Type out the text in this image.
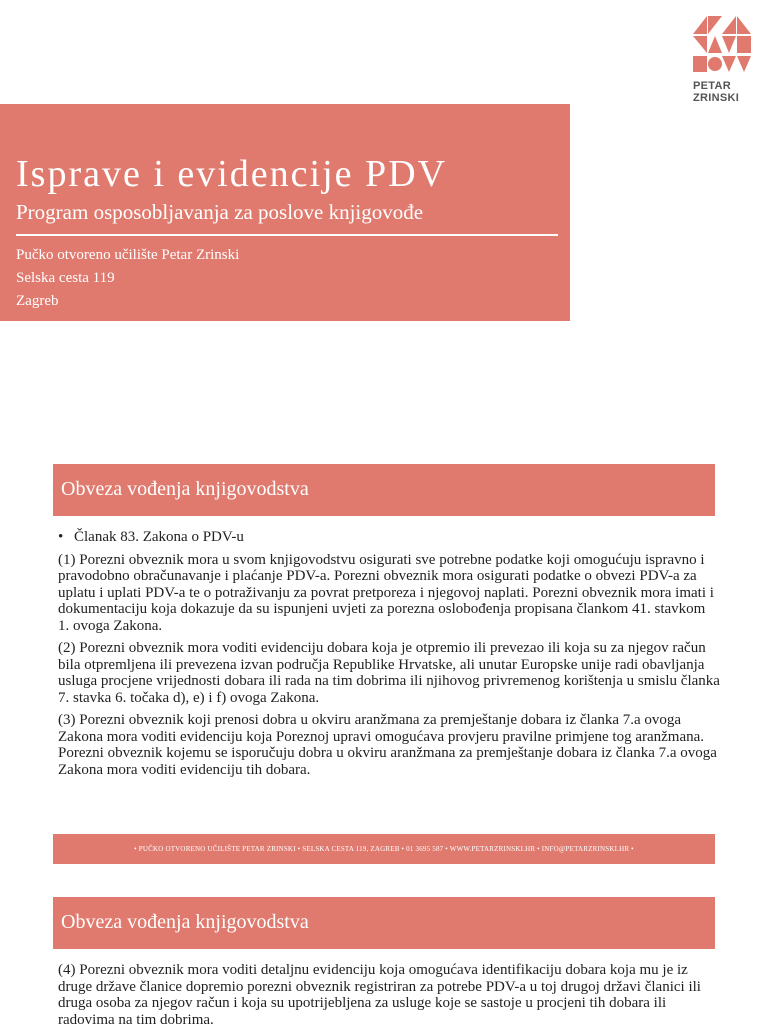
PETAR
ZRINSKI
Isprave i evidencije PDV
Program osposobljavanja za poslove knjigovođe
Pučko otvoreno učilište Petar Zrinski
Selska cesta 119
Zagreb
Obveza vođenja knjigovodstva
• Članak 83. Zakona o PDV-u

(1) Porezni obveznik mora u svom knjigovodstvu osigurati sve potrebne podatke koji omogućuju ispravno i pravodobno obračunavanje i plaćanje PDV-a. Porezni obveznik mora osigurati podatke o obvezi PDV-a za uplatu i uplati PDV-a te o potraživanju za povrat pretporeza i njegovoj naplati. Porezni obveznik mora imati i dokumentaciju koja dokazuje da su ispunjeni uvjeti za porezna oslobođenja propisana člankom 41. stavkom 1. ovoga Zakona.

(2) Porezni obveznik mora voditi evidenciju dobara koja je otpremio ili prevezao ili koja su za njegov račun bila otpremljena ili prevezena izvan područja Republike Hrvatske, ali unutar Europske unije radi obavljanja usluga procjene vrijednosti dobara ili rada na tim dobrima ili njihovog privremenog korištenja u smislu članka 7. stavka 6. točaka d), e) i f) ovoga Zakona.

(3) Porezni obveznik koji prenosi dobra u okviru aranžmana za premještanje dobara iz članka 7.a ovoga Zakona mora voditi evidenciju koja Poreznoj upravi omogućava provjeru pravilne primjene tog aranžmana. Porezni obveznik kojemu se isporučuju dobra u okviru aranžmana za premještanje dobara iz članka 7.a ovoga Zakona mora voditi evidenciju tih dobara.

• PUČKO OTVORENO UČILIŠTE PETAR ZRINSKI • SELSKA CESTA 119, ZAGREB • 01 3695 587 • WWW.PETARZRINSKI.HR • INFO@PETARZRINSKI.HR •
Obveza vođenja knjigovodstva

(4) Porezni obveznik mora voditi detaljnu evidenciju koja omogućava identifikaciju dobara koja mu je iz druge države članice dopremio porezni obveznik registriran za potrebe PDV-a u toj drugoj državi članici ili druga osoba za njegov račun i koja su upotrijebljena za usluge koje se sastoje u procjeni tih dobara ili radovima na tim dobrima.
